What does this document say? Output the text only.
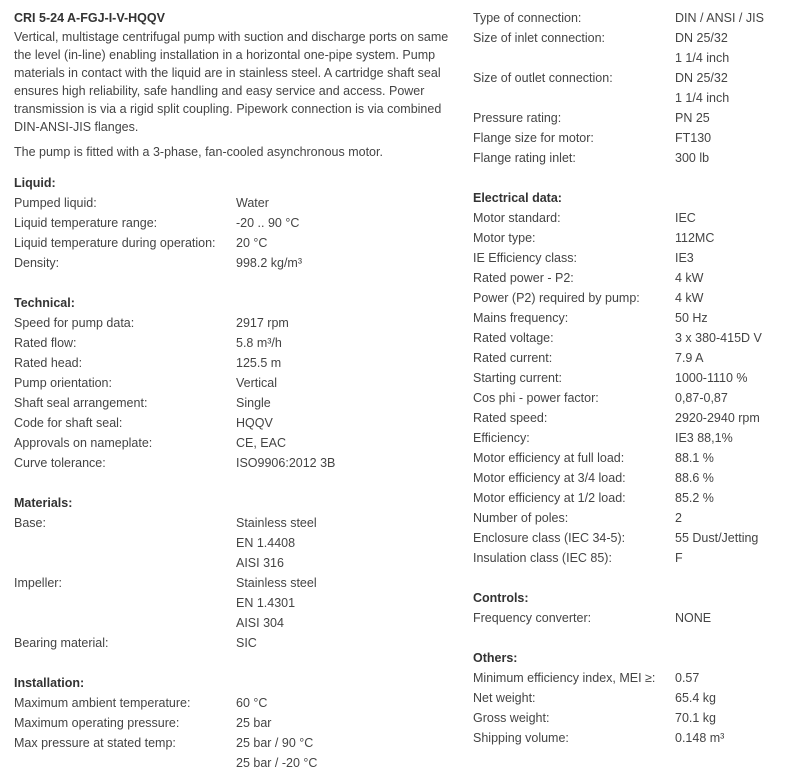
CRI 5-24 A-FGJ-I-V-HQQV

Vertical, multistage centrifugal pump with suction and discharge ports on same the level (in-line) enabling installation in a horizontal one-pipe system. Pump materials in contact with the liquid are in stainless steel. A cartridge shaft seal ensures high reliability, safe handling and easy service and access. Power transmission is via a rigid split coupling. Pipework connection is via combined DIN-ANSI-JIS flanges.

The pump is fitted with a 3-phase, fan-cooled asynchronous motor.
Liquid:
Pumped liquid:	Water
Liquid temperature range:	-20 .. 90 °C
Liquid temperature during operation:	20 °C
Density:	998.2 kg/m³
Technical:
Speed for pump data:	2917 rpm
Rated flow:	5.8 m³/h
Rated head:	125.5 m
Pump orientation:	Vertical
Shaft seal arrangement:	Single
Code for shaft seal:	HQQV
Approvals on nameplate:	CE, EAC
Curve tolerance:	ISO9906:2012 3B
Materials:
Base:	Stainless steel
EN 1.4408
AISI 316
Impeller:	Stainless steel
EN 1.4301
AISI 304
Bearing material:	SIC
Installation:
Maximum ambient temperature:	60 °C
Maximum operating pressure:	25 bar
Max pressure at stated temp:	25 bar / 90 °C
25 bar / -20 °C
Type of connection:	DIN / ANSI / JIS
Size of inlet connection:	DN 25/32
1 1/4 inch
Size of outlet connection:	DN 25/32
1 1/4 inch
Pressure rating:	PN 25
Flange size for motor:	FT130
Flange rating inlet:	300 lb
Electrical data:
Motor standard:	IEC
Motor type:	112MC
IE Efficiency class:	IE3
Rated power - P2:	4 kW
Power (P2) required by pump:	4 kW
Mains frequency:	50 Hz
Rated voltage:	3 x 380-415D V
Rated current:	7.9 A
Starting current:	1000-1110 %
Cos phi - power factor:	0,87-0,87
Rated speed:	2920-2940 rpm
Efficiency:	IE3 88,1%
Motor efficiency at full load:	88.1 %
Motor efficiency at 3/4 load:	88.6 %
Motor efficiency at 1/2 load:	85.2 %
Number of poles:	2
Enclosure class (IEC 34-5):	55 Dust/Jetting
Insulation class (IEC 85):	F
Controls:
Frequency converter:	NONE
Others:
Minimum efficiency index, MEI ≥:	0.57
Net weight:	65.4 kg
Gross weight:	70.1 kg
Shipping volume:	0.148 m³
